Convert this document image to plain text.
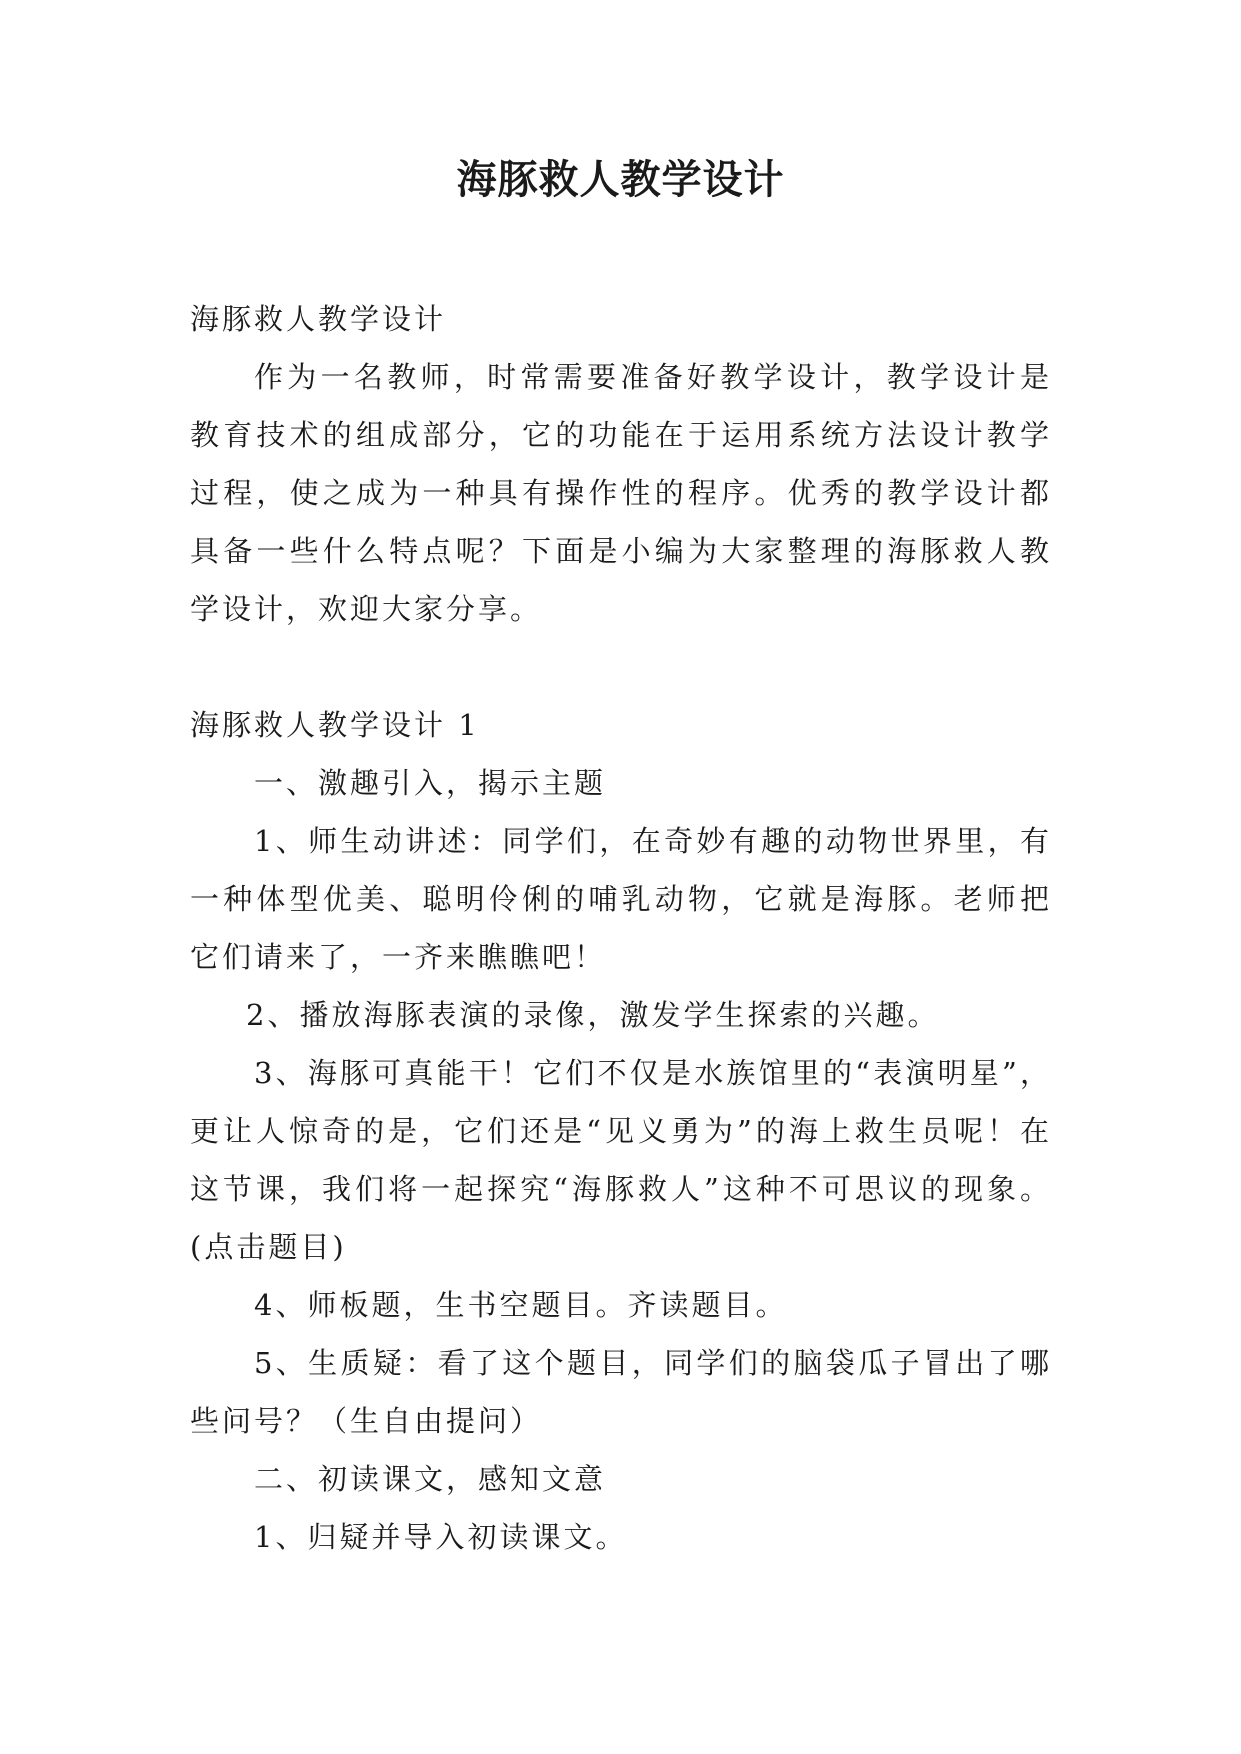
海豚救人教学设计

海豚救人教学设计

作为一名教师，时常需要准备好教学设计，教学设计是教育技术的组成部分，它的功能在于运用系统方法设计教学过程，使之成为一种具有操作性的程序。优秀的教学设计都具备一些什么特点呢？下面是小编为大家整理的海豚救人教学设计，欢迎大家分享。

海豚救人教学设计 1

一、激趣引入，揭示主题

1、师生动讲述：同学们，在奇妙有趣的动物世界里，有一种体型优美、聪明伶俐的哺乳动物，它就是海豚。老师把它们请来了，一齐来瞧瞧吧！

2、播放海豚表演的录像，激发学生探索的兴趣。

3、海豚可真能干！它们不仅是水族馆里的“表演明星”，更让人惊奇的是，它们还是“见义勇为”的海上救生员呢！在这节课，我们将一起探究“海豚救人”这种不可思议的现象。(点击题目)

4、师板题，生书空题目。齐读题目。

5、生质疑：看了这个题目，同学们的脑袋瓜子冒出了哪些问号？（生自由提问）

二、初读课文，感知文意

1、归疑并导入初读课文。
